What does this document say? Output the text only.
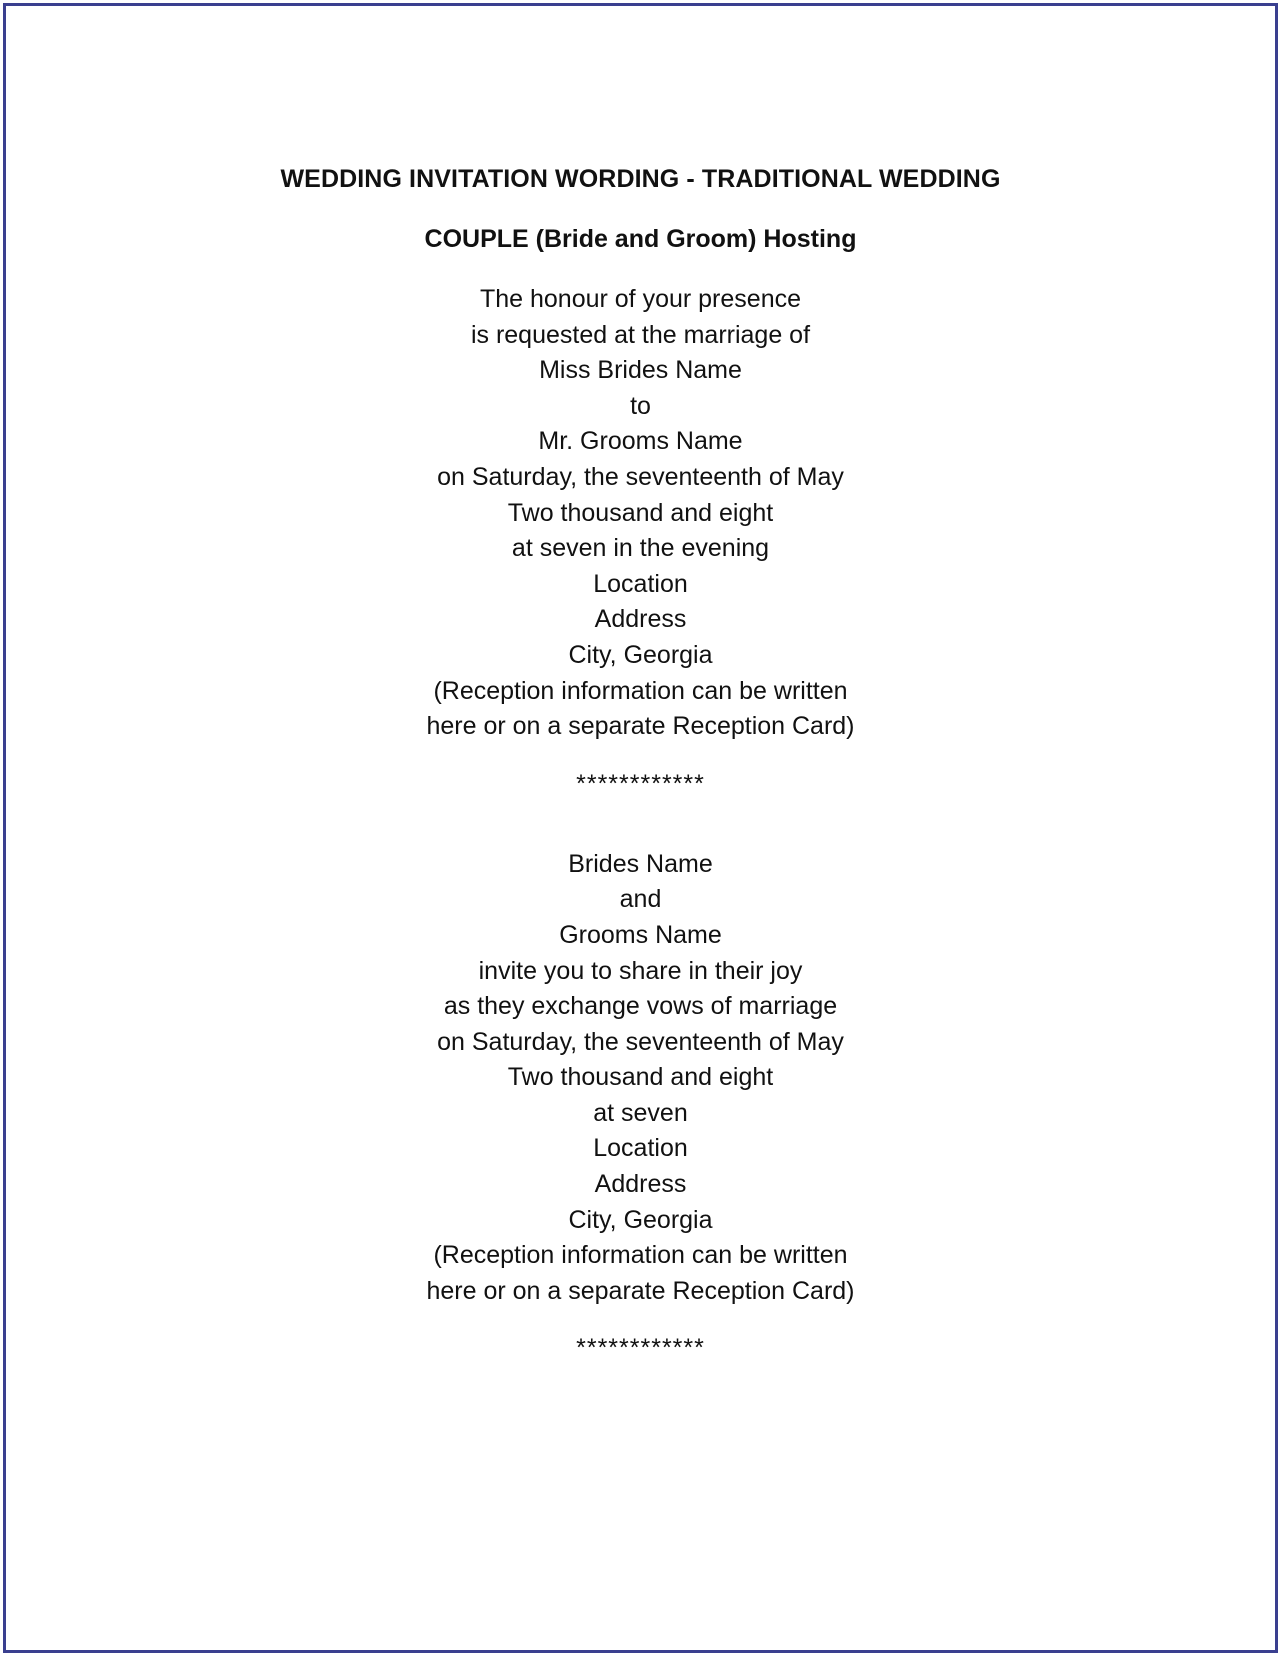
WEDDING INVITATION WORDING - TRADITIONAL WEDDING
COUPLE (Bride and Groom) Hosting
The honour of your presence
is requested at the marriage of
Miss Brides Name
to
Mr. Grooms Name
on Saturday, the seventeenth of May
Two thousand and eight
at seven in the evening
Location
Address
City, Georgia
(Reception information can be written
here or on a separate Reception Card)
************
Brides Name
and
Grooms Name
invite you to share in their joy
as they exchange vows of marriage
on Saturday, the seventeenth of May
Two thousand and eight
at seven
Location
Address
City, Georgia
(Reception information can be written
here or on a separate Reception Card)
************
